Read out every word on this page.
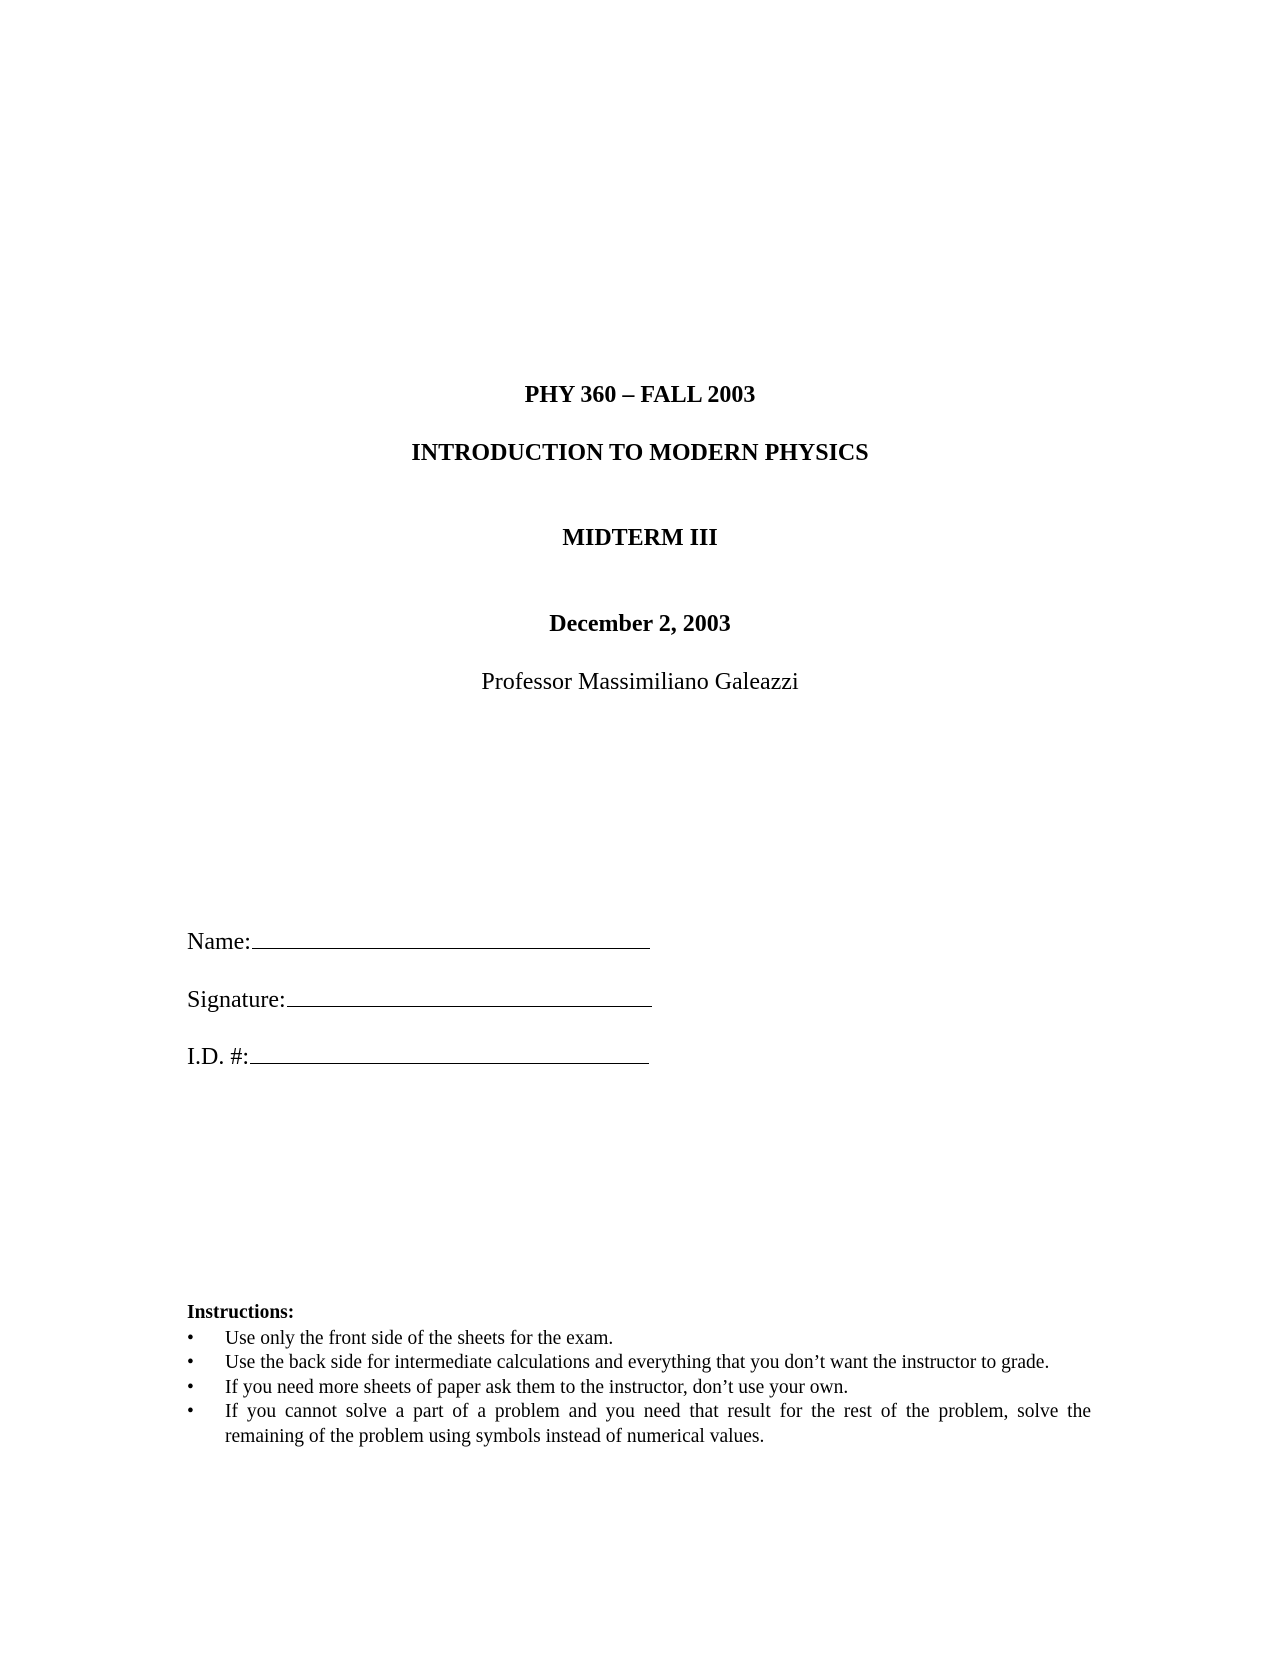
PHY 360 – FALL 2003
INTRODUCTION TO MODERN PHYSICS
MIDTERM III
December 2, 2003
Professor Massimiliano Galeazzi
Name:
Signature:
I.D. #:
Instructions:
• Use only the front side of the sheets for the exam.
• Use the back side for intermediate calculations and everything that you don’t want the instructor to grade.
• If you need more sheets of paper ask them to the instructor, don’t use your own.
• If you cannot solve a part of a problem and you need that result for the rest of the problem, solve the remaining of the problem using symbols instead of numerical values.
